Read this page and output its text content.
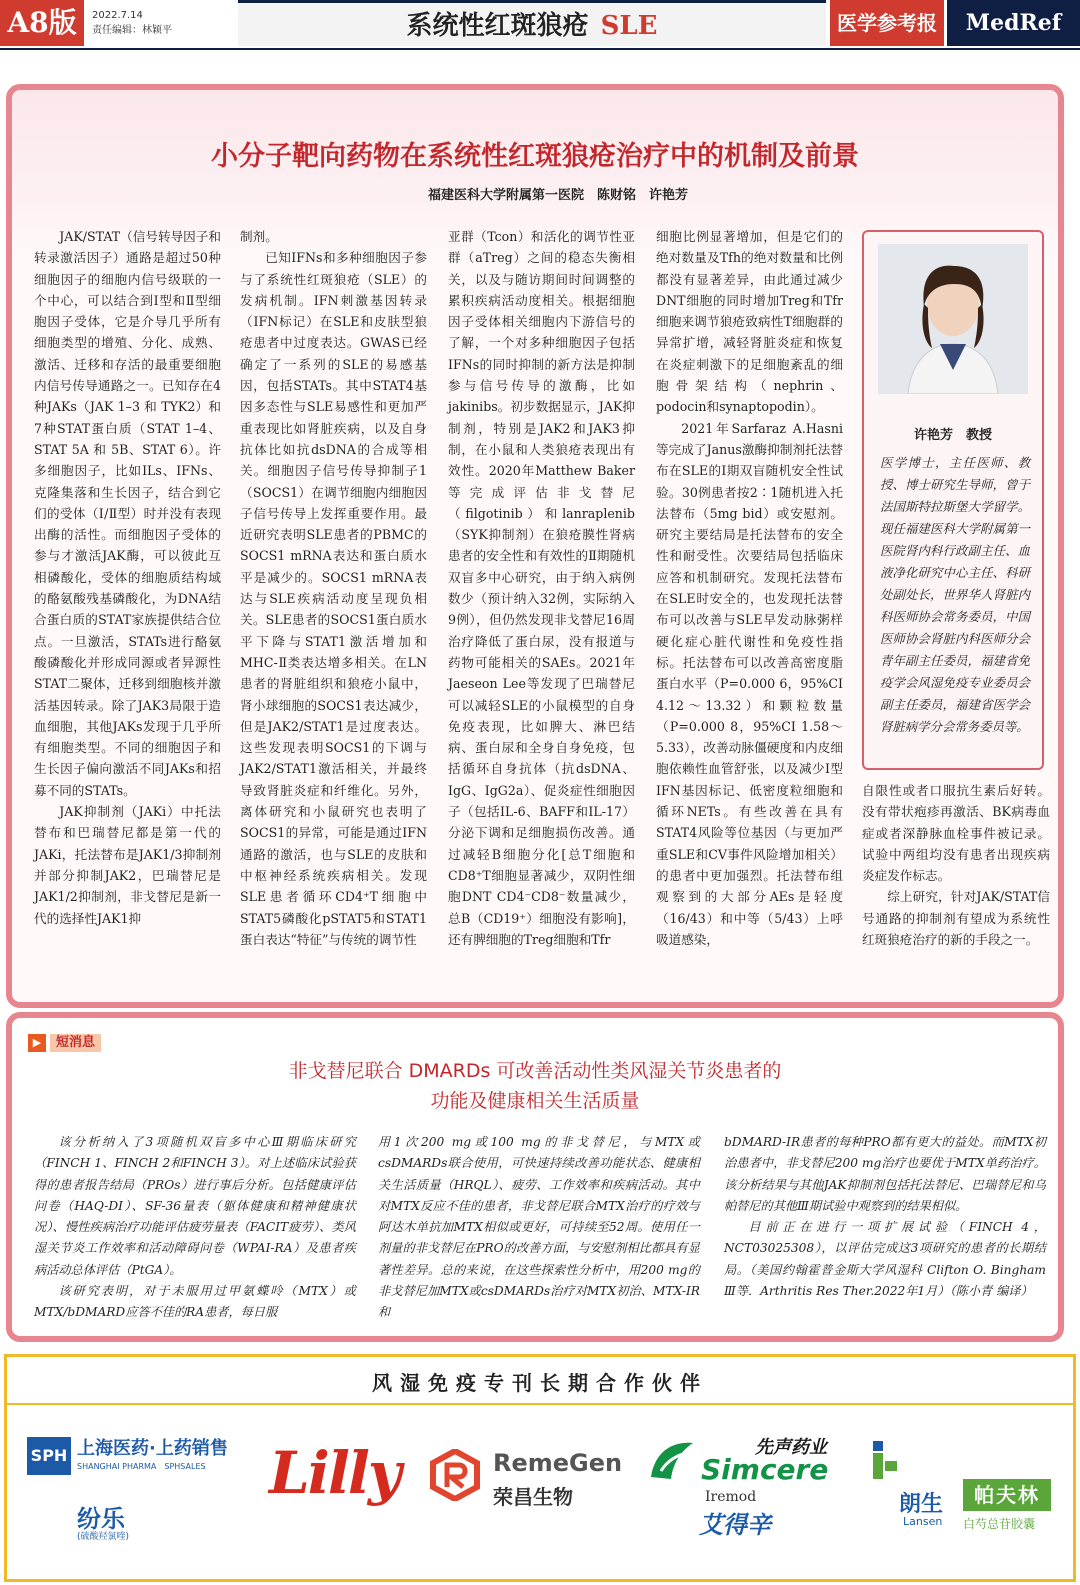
A8版	2022.7.14
责任编辑：林颖平	系统性红斑狼疮 SLE	医学参考报	MedRef
小分子靶向药物在系统性红斑狼疮治疗中的机制及前景
福建医科大学附属第一医院　陈财铭　许艳芳

JAK/STAT（信号转导因子和转录激活因子）通路是超过50种细胞因子的细胞内信号级联的一个中心，可以结合到Ⅰ型和Ⅱ型细胞因子受体，它是介导几乎所有细胞类型的增殖、分化、成熟、激活、迁移和存活的最重要细胞内信号传导通路之一。已知存在4种JAKs（JAK 1–3 和 TYK2）和7种STAT蛋白质（STAT 1–4、STAT 5A 和 5B、STAT 6）。许多细胞因子，比如ILs、IFNs、克隆集落和生长因子，结合到它们的受体（Ⅰ/Ⅱ型）时并没有表现出酶的活性。而细胞因子受体的参与才激活JAK酶，可以彼此互相磷酸化，受体的细胞质结构域的酪氨酸残基磷酸化，为DNA结合蛋白质的STAT家族提供结合位点。一旦激活，STATs进行酪氨酸磷酸化并形成同源或者异源性STAT二聚体，迁移到细胞核并激活基因转录。除了JAK3局限于造血细胞，其他JAKs发现于几乎所有细胞类型。不同的细胞因子和生长因子偏向激活不同JAKs和招募不同的STATs。

JAK抑制剂（JAKi）中托法替布和巴瑞替尼都是第一代的JAKi，托法替布是JAK1/3抑制剂并部分抑制JAK2，巴瑞替尼是JAK1/2抑制剂，非戈替尼是新一代的选择性JAK1抑

制剂。

已知IFNs和多种细胞因子参与了系统性红斑狼疮（SLE）的发病机制。IFN刺激基因转录（IFN标记）在SLE和皮肤型狼疮患者中过度表达。GWAS已经确定了一系列的SLE的易感基因，包括STATs。其中STAT4基因多态性与SLE易感性和更加严重表现比如肾脏疾病，以及自身抗体比如抗dsDNA的合成等相关。细胞因子信号传导抑制子1（SOCS1）在调节细胞内细胞因子信号传导上发挥重要作用。最近研究表明SLE患者的PBMC的SOCS1 mRNA表达和蛋白质水平是减少的。SOCS1 mRNA表达与SLE疾病活动度呈现负相关。SLE患者的SOCS1蛋白质水平下降与STAT1激活增加和MHC-Ⅱ类表达增多相关。在LN患者的肾脏组织和狼疮小鼠中，肾小球细胞的SOCS1表达减少，但是JAK2/STAT1是过度表达。这些发现表明SOCS1的下调与JAK2/STAT1激活相关，并最终导致肾脏炎症和纤维化。另外，离体研究和小鼠研究也表明了SOCS1的异常，可能是通过IFN通路的激活，也与SLE的皮肤和中枢神经系统疾病相关。发现SLE患者循环CD4⁺T细胞中STAT5磷酸化pSTAT5和STAT1蛋白表达“特征”与传统的调节性

亚群（Tcon）和活化的调节性亚群（aTreg）之间的稳态失衡相关，以及与随访期间时间调整的累积疾病活动度相关。根据细胞因子受体相关细胞内下游信号的了解，一个对多种细胞因子包括IFNs的同时抑制的新方法是抑制参与信号传导的激酶，比如jakinibs。初步数据显示，JAK抑制剂，特别是JAK2和JAK3抑制，在小鼠和人类狼疮表现出有效性。2020年Matthew Baker等完成评估非戈替尼（filgotinib）和lanraplenib（SYK抑制剂）在狼疮膜性肾病患者的安全性和有效性的Ⅱ期随机双盲多中心研究，由于纳入病例数少（预计纳入32例，实际纳入9例），但仍然发现非戈替尼16周治疗降低了蛋白尿，没有报道与药物可能相关的SAEs。2021年Jaeseon Lee等发现了巴瑞替尼可以减轻SLE的小鼠模型的自身免疫表现，比如脾大、淋巴结病、蛋白尿和全身自身免疫，包括循环自身抗体（抗dsDNA、IgG、IgG2a）、促炎症性细胞因子（包括IL-6、BAFF和IL-17）分泌下调和足细胞损伤改善。通过减轻B细胞分化[总T细胞和CD8⁺T细胞显著减少，双阴性细胞DNT CD4⁻CD8⁻数量减少，总B（CD19⁺）细胞没有影响]，还有脾细胞的Treg细胞和Tfr

细胞比例显著增加，但是它们的绝对数量及Tfh的绝对数量和比例都没有显著差异，由此通过减少DNT细胞的同时增加Treg和Tfr细胞来调节狼疮致病性T细胞群的异常扩增，减轻肾脏炎症和恢复在炎症刺激下的足细胞紊乱的细胞骨架结构（nephrin、podocin和synaptopodin）。

2021年Sarfaraz A.Hasni等完成了Janus激酶抑制剂托法替布在SLE的Ⅰ期双盲随机安全性试验。30例患者按2∶1随机进入托法替布（5mg bid）或安慰剂。研究主要结局是托法替布的安全性和耐受性。次要结局包括临床应答和机制研究。发现托法替布在SLE时安全的，也发现托法替布可以改善与SLE早发动脉粥样硬化症心脏代谢性和免疫性指标。托法替布可以改善高密度脂蛋白水平（P=0.000 6，95%CI 4.12～13.32）和颗粒数量（P=0.000 8，95%CI 1.58～5.33），改善动脉僵硬度和内皮细胞依赖性血管舒张，以及减少Ⅰ型IFN基因标记、低密度粒细胞和循环NETs。有些改善在具有STAT4风险等位基因（与更加严重SLE和CV事件风险增加相关）的患者中更加强烈。托法替布组观察到的大部分AEs是轻度（16/43）和中等（5/43）上呼吸道感染，

许艳芳　教授
医学博士，主任医师、教授、博士研究生导师，曾于法国斯特拉斯堡大学留学。现任福建医科大学附属第一医院肾内科行政副主任、血液净化研究中心主任、科研处副处长，世界华人肾脏内科医师协会常务委员，中国医师协会肾脏内科医师分会青年副主任委员，福建省免疫学会风湿免疫专业委员会副主任委员，福建省医学会肾脏病学分会常务委员等。

自限性或者口服抗生素后好转。没有带状疱疹再激活、BK病毒血症或者深静脉血栓事件被记录。试验中两组均没有患者出现疾病炎症发作标志。

综上研究，针对JAK/STAT信号通路的抑制剂有望成为系统性红斑狼疮治疗的新的手段之一。

▶ 短消息
非戈替尼联合 DMARDs 可改善活动性类风湿关节炎患者的
功能及健康相关生活质量

该分析纳入了3项随机双盲多中心Ⅲ期临床研究（FINCH 1、FINCH 2和FINCH 3）。对上述临床试验获得的患者报告结局（PROs）进行事后分析。包括健康评估问卷（HAQ-DI）、SF-36量表（躯体健康和精神健康状况）、慢性疾病治疗功能评估疲劳量表（FACIT疲劳）、类风湿关节炎工作效率和活动障碍问卷（WPAI-RA）及患者疾病活动总体评估（PtGA）。

该研究表明，对于未服用过甲氨蝶呤（MTX）或MTX/bDMARD应答不佳的RA患者，每日服

用1次200 mg或100 mg的非戈替尼，与MTX或csDMARDs联合使用，可快速持续改善功能状态、健康相关生活质量（HRQL）、疲劳、工作效率和疾病活动。其中对MTX反应不佳的患者，非戈替尼联合MTX治疗的疗效与阿达木单抗加MTX相似或更好，可持续至52周。使用任一剂量的非戈替尼在PRO的改善方面，与安慰剂相比都具有显著性差异。总的来说，在这些探索性分析中，用200 mg的非戈替尼加MTX或csDMARDs治疗对MTX初治、MTX-IR和

bDMARD-IR患者的每种PRO都有更大的益处。而MTX初治患者中，非戈替尼200 mg治疗也要优于MTX单药治疗。该分析结果与其他JAK抑制剂包括托法替尼、巴瑞替尼和乌帕替尼的其他Ⅲ期试验中观察到的结果相似。

目前正在进行一项扩展试验（FINCH 4，NCT03025308），以评估完成这3项研究的患者的长期结局。（美国约翰霍普金斯大学风湿科 Clifton O. Bingham Ⅲ等．Arthritis Res Ther.2022年1月）（陈小青 编译）

风湿免疫专刊长期合作伙伴
SPH 上海医药·上药销售
SHANGHAI PHARMA　SPHSALES
纷乐
(硫酸羟氯喹)
Lilly	RemeGen
荣昌生物
先声药业
Simcere
Iremod
艾得辛
朗生
Lansen
帕夫林
白芍总苷胶囊
